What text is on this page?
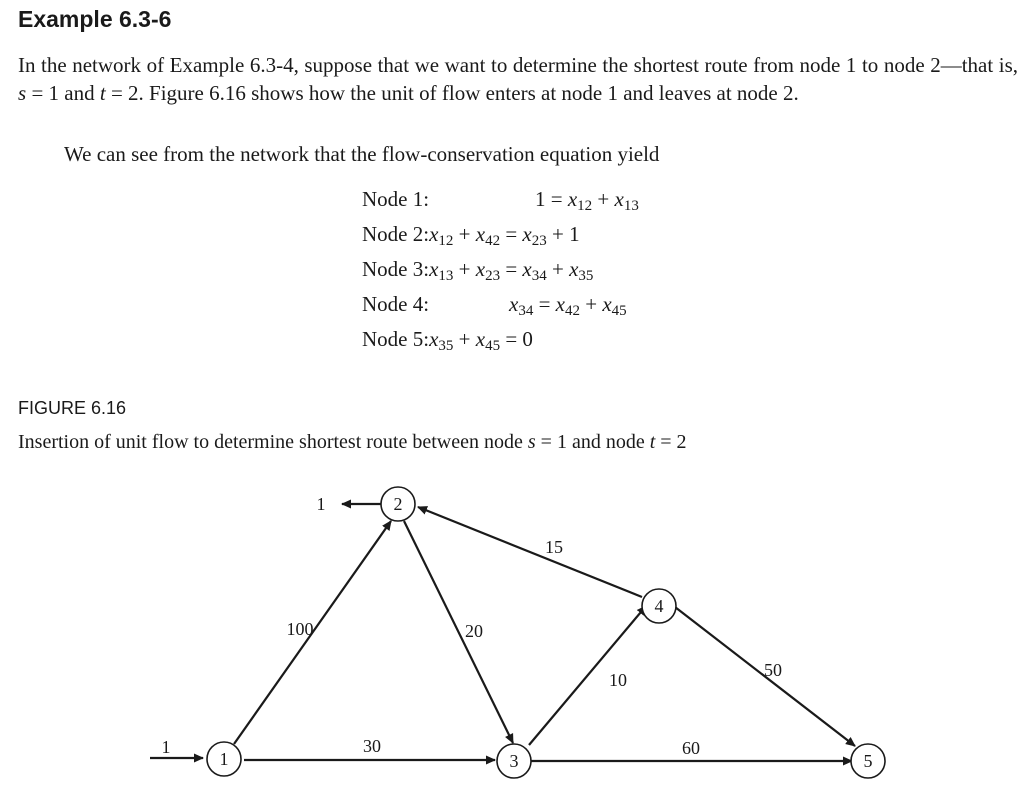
Example 6.3-6
In the network of Example 6.3-4, suppose that we want to determine the shortest route from node 1 to node 2—that is, s = 1 and t = 2. Figure 6.16 shows how the unit of flow enters at node 1 and leaves at node 2.
We can see from the network that the flow-conservation equation yield
Node 1:	$1 = x_{12} + x_{13}$
Node $2:x_{12} + x_{42} = x_{23} + 1$
Node $3:x_{13} + x_{23} = x_{34} + x_{35}$
Node 4:	$x_{34} = x_{42} + x_{45}$
Node $5:x_{35} + x_{45} = 0$
FIGURE 6.16
Insertion of unit flow to determine shortest route between node s = 1 and node t = 2
1
2
3
4
5
1
1
100
30
20
15
10
60
50
